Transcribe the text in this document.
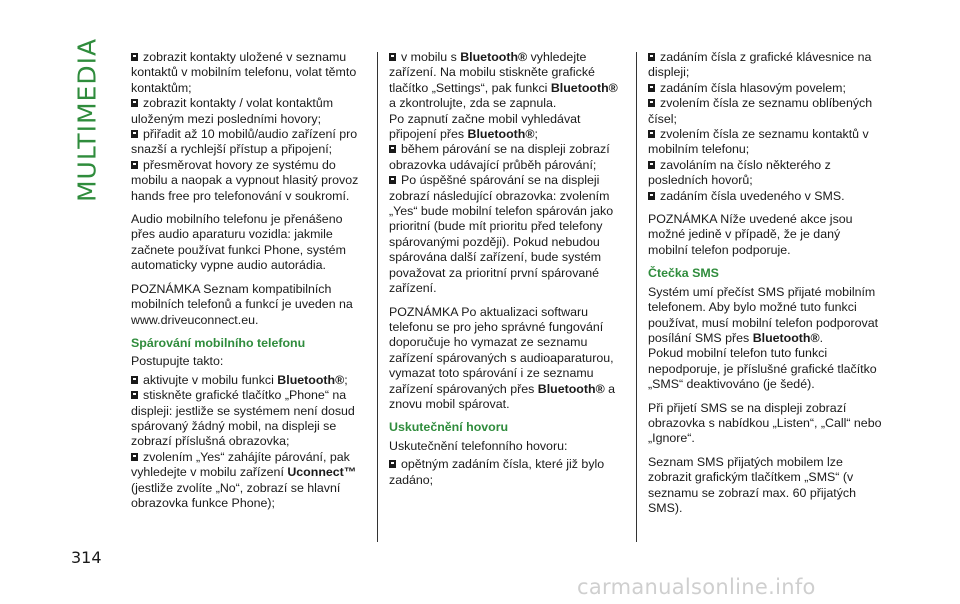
MULTIMEDIA	zobrazit kontakty uložené v seznamu kontaktů v mobilním telefonu, volat těmto kontaktům;

zobrazit kontakty / volat kontaktům uloženým mezi posledními hovory;

přiřadit až 10 mobilů/audio zařízení pro snazší a rychlejší přístup a připojení;

přesměrovat hovory ze systému do mobilu a naopak a vypnout hlasitý provoz hands free pro telefonování v soukromí.

Audio mobilního telefonu je přenášeno přes audio aparaturu vozidla: jakmile začnete používat funkci Phone, systém automaticky vypne audio autorádia.

POZNÁMKA Seznam kompatibilních mobilních telefonů a funkcí je uveden na www.driveuconnect.eu.

Spárování mobilního telefonu

Postupujte takto:

aktivujte v mobilu funkci Bluetooth®;

stiskněte grafické tlačítko „Phone“ na displeji: jestliže se systémem není dosud spárovaný žádný mobil, na displeji se zobrazí příslušná obrazovka;

zvolením „Yes“ zahájíte párování, pak vyhledejte v mobilu zařízení Uconnect™ (jestliže zvolíte „No“, zobrazí se hlavní obrazovka funkce Phone);

v mobilu s Bluetooth® vyhledejte zařízení. Na mobilu stiskněte grafické tlačítko „Settings“, pak funkci Bluetooth® a zkontrolujte, zda se zapnula.

Po zapnutí začne mobil vyhledávat připojení přes Bluetooth®;

během párování se na displeji zobrazí obrazovka udávající průběh párování;

Po úspěšné spárování se na displeji zobrazí následující obrazovka: zvolením „Yes“ bude mobilní telefon spárován jako prioritní (bude mít prioritu před telefony spárovanými později). Pokud nebudou spárována další zařízení, bude systém považovat za prioritní první spárované zařízení.

POZNÁMKA Po aktualizaci softwaru telefonu se pro jeho správné fungování doporučuje ho vymazat ze seznamu zařízení spárovaných s audioaparaturou, vymazat toto spárování i ze seznamu zařízení spárovaných přes Bluetooth® a znovu mobil spárovat.

Uskutečnění hovoru

Uskutečnění telefonního hovoru:

opětným zadáním čísla, které již bylo zadáno;

zadáním čísla z grafické klávesnice na displeji;

zadáním čísla hlasovým povelem;

zvolením čísla ze seznamu oblíbených čísel;

zvolením čísla ze seznamu kontaktů v mobilním telefonu;

zavoláním na číslo některého z posledních hovorů;

zadáním čísla uvedeného v SMS.

POZNÁMKA Níže uvedené akce jsou možné jedině v případě, že je daný mobilní telefon podporuje.

Čtečka SMS

Systém umí přečíst SMS přijaté mobilním telefonem. Aby bylo možné tuto funkci používat, musí mobilní telefon podporovat posílání SMS přes Bluetooth®.

Pokud mobilní telefon tuto funkci nepodporuje, je příslušné grafické tlačítko „SMS“ deaktivováno (je šedé).

Při přijetí SMS se na displeji zobrazí obrazovka s nabídkou „Listen“, „Call“ nebo „Ignore“.

Seznam SMS přijatých mobilem lze zobrazit grafickým tlačítkem „SMS“ (v seznamu se zobrazí max. 60 přijatých SMS).

314
carmanualsonline.info
